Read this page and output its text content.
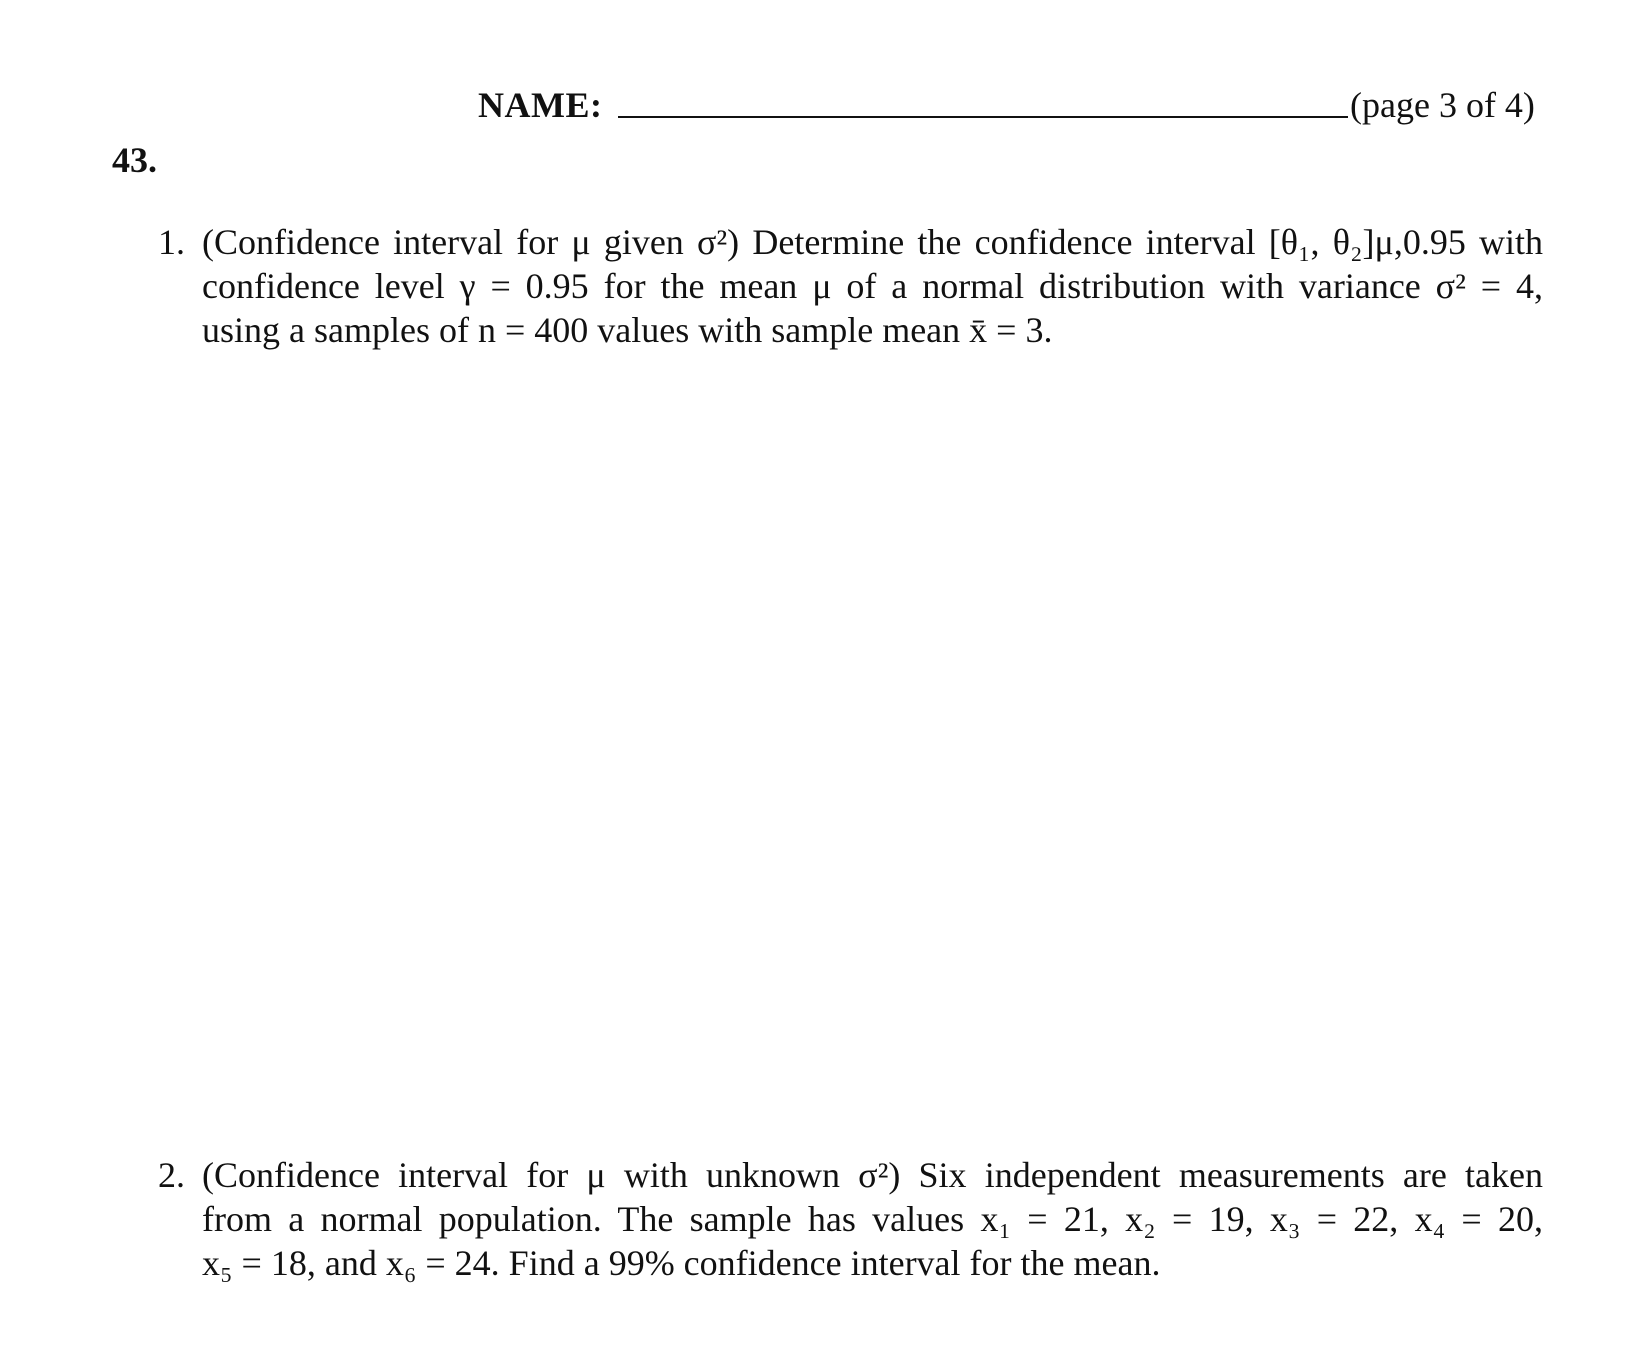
NAME:	(page 3 of 4)
43.
1. (Confidence interval for μ given σ²) Determine the confidence interval [θ₁, θ₂]μ,0.95 with
confidence level γ = 0.95 for the mean μ of a normal distribution with variance σ² = 4,
using a samples of n = 400 values with sample mean x̄ = 3.
2. (Confidence interval for μ with unknown σ²) Six independent measurements are taken
from a normal population. The sample has values x₁ = 21, x₂ = 19, x₃ = 22, x₄ = 20,
x₅ = 18, and x₆ = 24. Find a 99% confidence interval for the mean.
